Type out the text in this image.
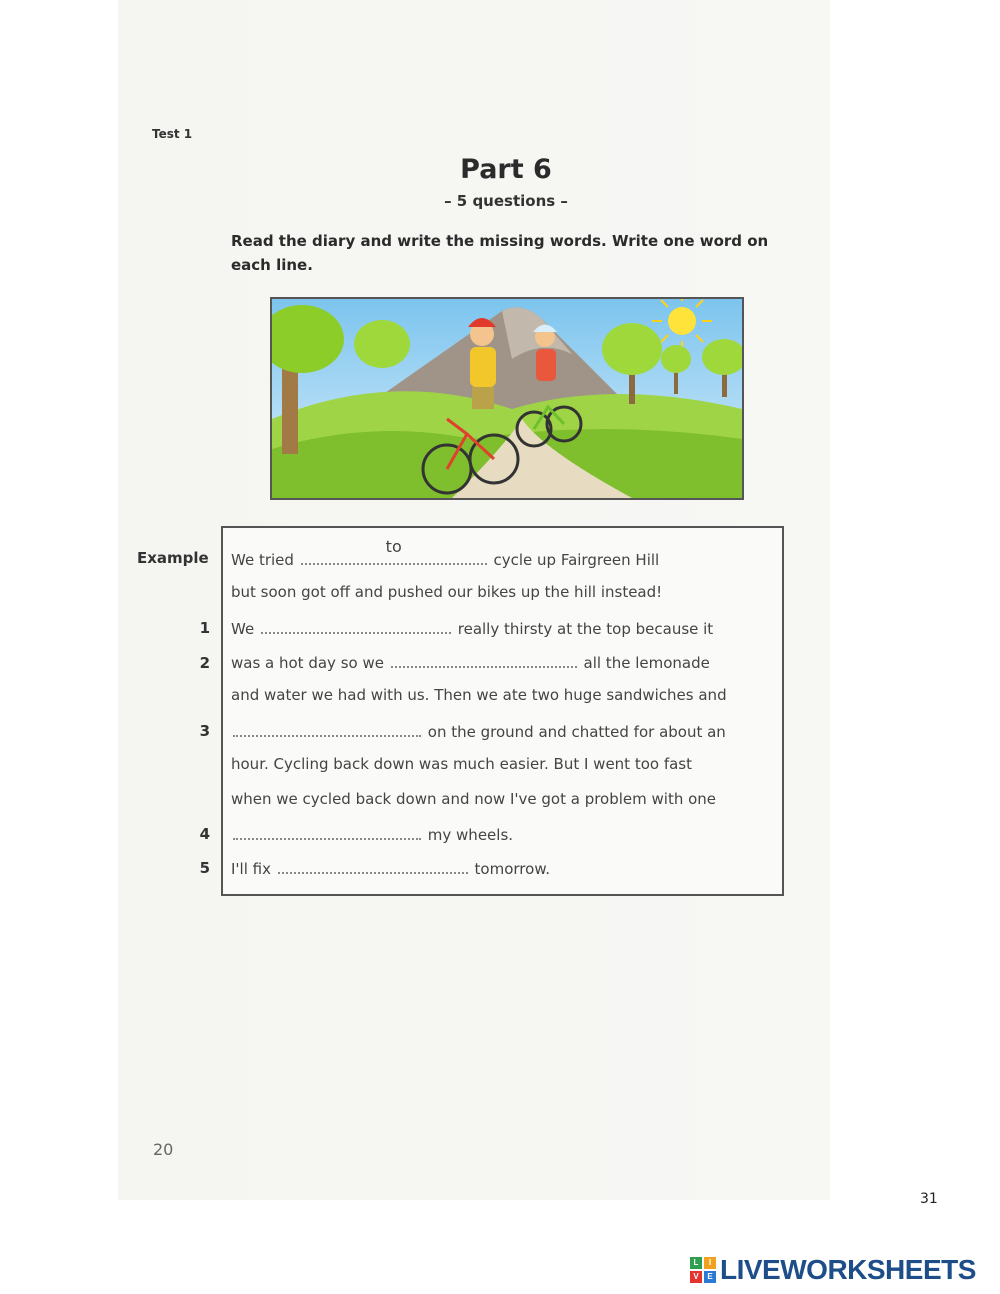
Test 1
Part 6
– 5 questions –
Read the diary and write the missing words. Write one word on each line.
Example We tried
to
cycle up Fairgreen Hill
but soon got off and pushed our bikes up the hill instead!
1 We	really thirsty at the top because it
2 was a hot day so we	all the lemonade
and water we had with us. Then we ate two huge sandwiches and
3	on the ground and chatted for about an
hour. Cycling back down was much easier. But I went too fast
when we cycled back down and now I've got a problem with one
4	my wheels.
5 I'll fix	tomorrow.
20
31
L	I
V	E LIVEWORKSHEETS
